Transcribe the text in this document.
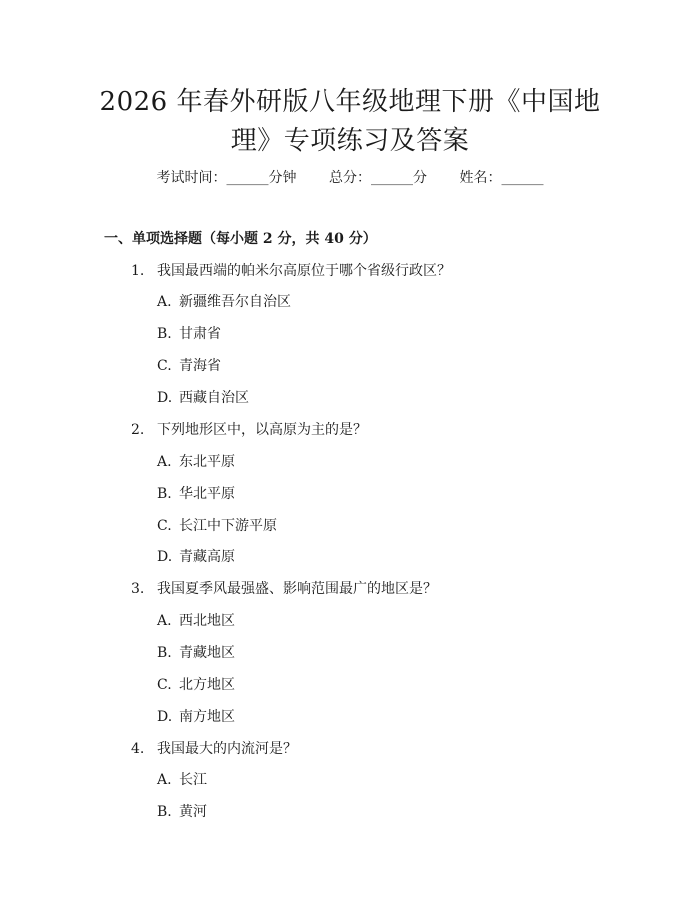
2026 年春外研版八年级地理下册《中国地
理》专项练习及答案
考试时间：______分钟 总分：______分 姓名：______
一、单项选择题（每小题 2 分，共 40 分）
1. 我国最西端的帕米尔高原位于哪个省级行政区？
A. 新疆维吾尔自治区
B. 甘肃省
C. 青海省
D. 西藏自治区
2. 下列地形区中，以高原为主的是？
A. 东北平原
B. 华北平原
C. 长江中下游平原
D. 青藏高原
3. 我国夏季风最强盛、影响范围最广的地区是？
A. 西北地区
B. 青藏地区
C. 北方地区
D. 南方地区
4. 我国最大的内流河是？
A. 长江
B. 黄河
